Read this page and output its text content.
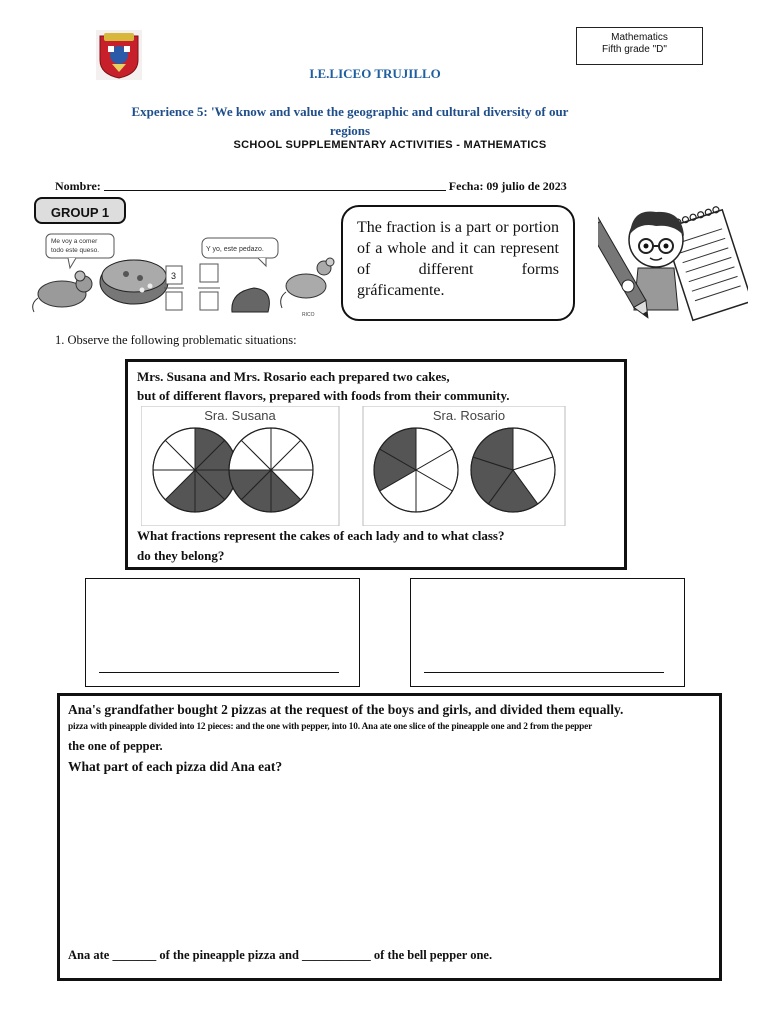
Mathematics
Fifth grade "D"
I.E.LICEO TRUJILLO
Experience 5: 'We know and value the geographic and cultural diversity of our regions
SCHOOL SUPPLEMENTARY ACTIVITIES - MATHEMATICS
Nombre:	Fecha: 09 julio de 2023
GROUP 1
Me voy a comer todo este queso.
3
Y yo, este pedazo.
RICO

The fraction is a part or portion of a whole and it can represent of different forms gráficamente.

1. Observe the following problematic situations:
Mrs. Susana and Mrs. Rosario each prepared two cakes,
but of different flavors, prepared with foods from their community.
Sra. Susana	Sra. Rosario
What fractions represent the cakes of each lady and to what class?
do they belong?
Ana's grandfather bought 2 pizzas at the request of the boys and girls, and divided them equally.
pizza with pineapple divided into 12 pieces: and the one with pepper, into 10. Ana ate one slice of the pineapple one and 2 from the pepper
the one of pepper.
What part of each pizza did Ana eat?
Ana ate _______ of the pineapple pizza and ___________ of the bell pepper one.
